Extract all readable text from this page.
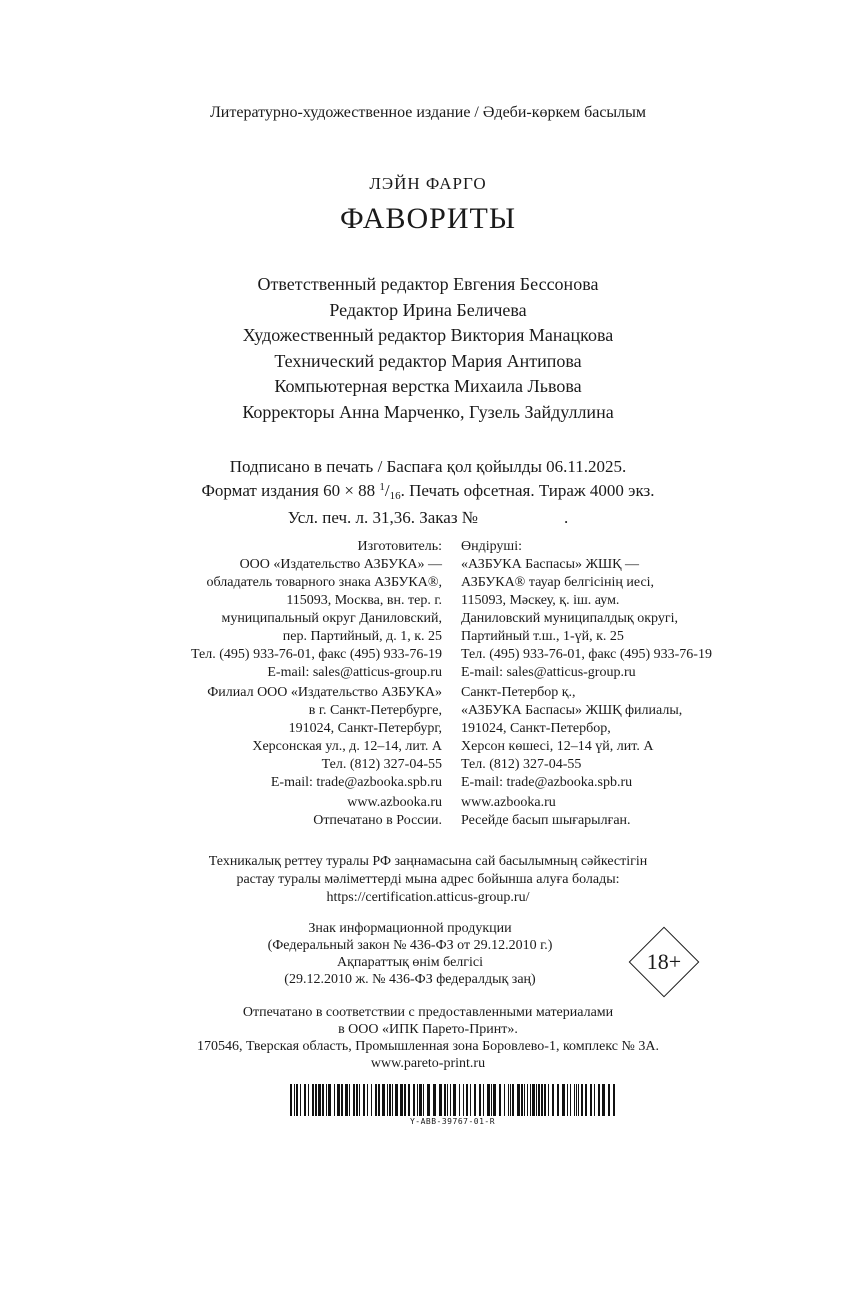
Литературно-художественное издание / Әдеби-көркем басылым
ЛЭЙН ФАРГО
ФАВОРИТЫ
Ответственный редактор Евгения Бессонова
Редактор Ирина Беличева
Художественный редактор Виктория Манацкова
Технический редактор Мария Антипова
Компьютерная верстка Михаила Львова
Корректоры Анна Марченко, Гузель Зайдуллина
Подписано в печать / Баспаға қол қойылды 06.11.2025.
Формат издания 60 × 88 $^1/_{16}$. Печать офсетная. Тираж 4000 экз.
Усл. печ. л. 31,36. Заказ №	.
Изготовитель:
ООО «Издательство АЗБУКА» —
обладатель товарного знака АЗБУКА®,
115093, Москва, вн. тер. г.
муниципальный округ Даниловский,
пер. Партийный, д. 1, к. 25
Тел. (495) 933-76-01, факс (495) 933-76-19
E-mail: sales@atticus-group.ru
Өндіруші:
«АЗБУКА Баспасы» ЖШҚ —
АЗБУКА® тауар белгісінің иесі,
115093, Мәскеу, қ. іш. аум.
Даниловский муниципалдық округі,
Партийный т.ш., 1-үй, к. 25
Тел. (495) 933-76-01, факс (495) 933-76-19
E-mail: sales@atticus-group.ru
Филиал ООО «Издательство АЗБУКА»
в г. Санкт-Петербурге,
191024, Санкт-Петербург,
Херсонская ул., д. 12–14, лит. А
Тел. (812) 327-04-55
E-mail: trade@azbooka.spb.ru
Санкт-Петербор қ.,
«АЗБУКА Баспасы» ЖШҚ филиалы,
191024, Санкт-Петербор,
Херсон көшесі, 12–14 үй, лит. А
Тел. (812) 327-04-55
E-mail: trade@azbooka.spb.ru
www.azbooka.ru
Отпечатано в России.
www.azbooka.ru
Ресейде басып шығарылған.
Техникалық реттеу туралы РФ заңнамасына сай басылымның сәйкестігін
растау туралы мәліметтерді мына адрес бойынша алуға болады:
https://certification.atticus-group.ru/
Знак информационной продукции
(Федеральный закон № 436-ФЗ от 29.12.2010 г.)
Ақпараттық өнім белгісі
(29.12.2010 ж. № 436-ФЗ федералдық заң)
18+
Отпечатано в соответствии с предоставленными материалами
в ООО «ИПК Парето-Принт».
170546, Тверская область, Промышленная зона Боровлево-1, комплекс № 3А.
www.pareto-print.ru
Y-ABB-39767-01-R
